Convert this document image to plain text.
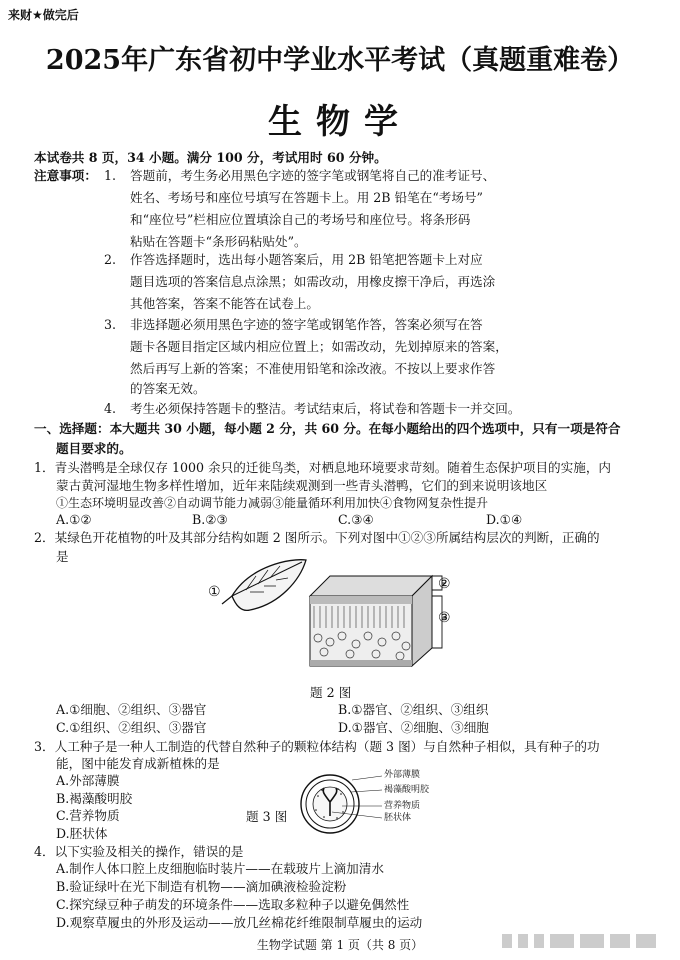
来财★做完后
2025年广东省初中学业水平考试（真题重难卷）
生物学
本试卷共 8 页，34 小题。满分 100 分，考试用时 60 分钟。
注意事项： 1. 答题前，考生务必用黑色字迹的签字笔或钢笔将自己的准考证号、
姓名、考场号和座位号填写在答题卡上。用 2B 铅笔在“考场号”
和“座位号”栏相应位置填涂自己的考场号和座位号。将条形码
粘贴在答题卡“条形码粘贴处”。
2. 作答选择题时，选出每小题答案后，用 2B 铅笔把答题卡上对应
题目选项的答案信息点涂黑；如需改动，用橡皮擦干净后，再选涂
其他答案，答案不能答在试卷上。
3. 非选择题必须用黑色字迹的签字笔或钢笔作答，答案必须写在答
题卡各题目指定区域内相应位置上；如需改动，先划掉原来的答案，
然后再写上新的答案；不准使用铅笔和涂改液。不按以上要求作答
的答案无效。
4. 考生必须保持答题卡的整洁。考试结束后，将试卷和答题卡一并交回。
一、选择题：本大题共 30 小题，每小题 2 分，共 60 分。在每小题给出的四个选项中，只有一项是符合
题目要求的。
1．青头潜鸭是全球仅存 1000 余只的迁徙鸟类，对栖息地环境要求苛刻。随着生态保护项目的实施，内
蒙古黄河湿地生物多样性增加，近年来陆续观测到一些青头潜鸭，它们的到来说明该地区
①生态环境明显改善②自动调节能力减弱③能量循环利用加快④食物网复杂性提升
A.①②	B.②③	C.③④	D.①④
2．某绿色开花植物的叶及其部分结构如题 2 图所示。下列对图中①②③所属结构层次的判断，正确的
是
①	②
③
题 2 图
A.①细胞、②组织、③器官	B.①器官、②组织、③组织
C.①组织、②组织、③器官	D.①器官、②细胞、③细胞
3．人工种子是一种人工制造的代替自然种子的颗粒体结构（题 3 图）与自然种子相似，具有种子的功
能，图中能发育成新植株的是
A.外部薄膜
B.褐藻酸明胶
C.营养物质
D.胚状体
题 3 图
外部薄膜
褐藻酸明胶
营养物质
胚状体
4．以下实验及相关的操作，错误的是
A.制作人体口腔上皮细胞临时装片——在载玻片上滴加清水
B.验证绿叶在光下制造有机物——滴加碘液检验淀粉
C.探究绿豆种子萌发的环境条件——选取多粒种子以避免偶然性
D.观察草履虫的外形及运动——放几丝棉花纤维限制草履虫的运动
生物学试题 第 1 页（共 8 页）
